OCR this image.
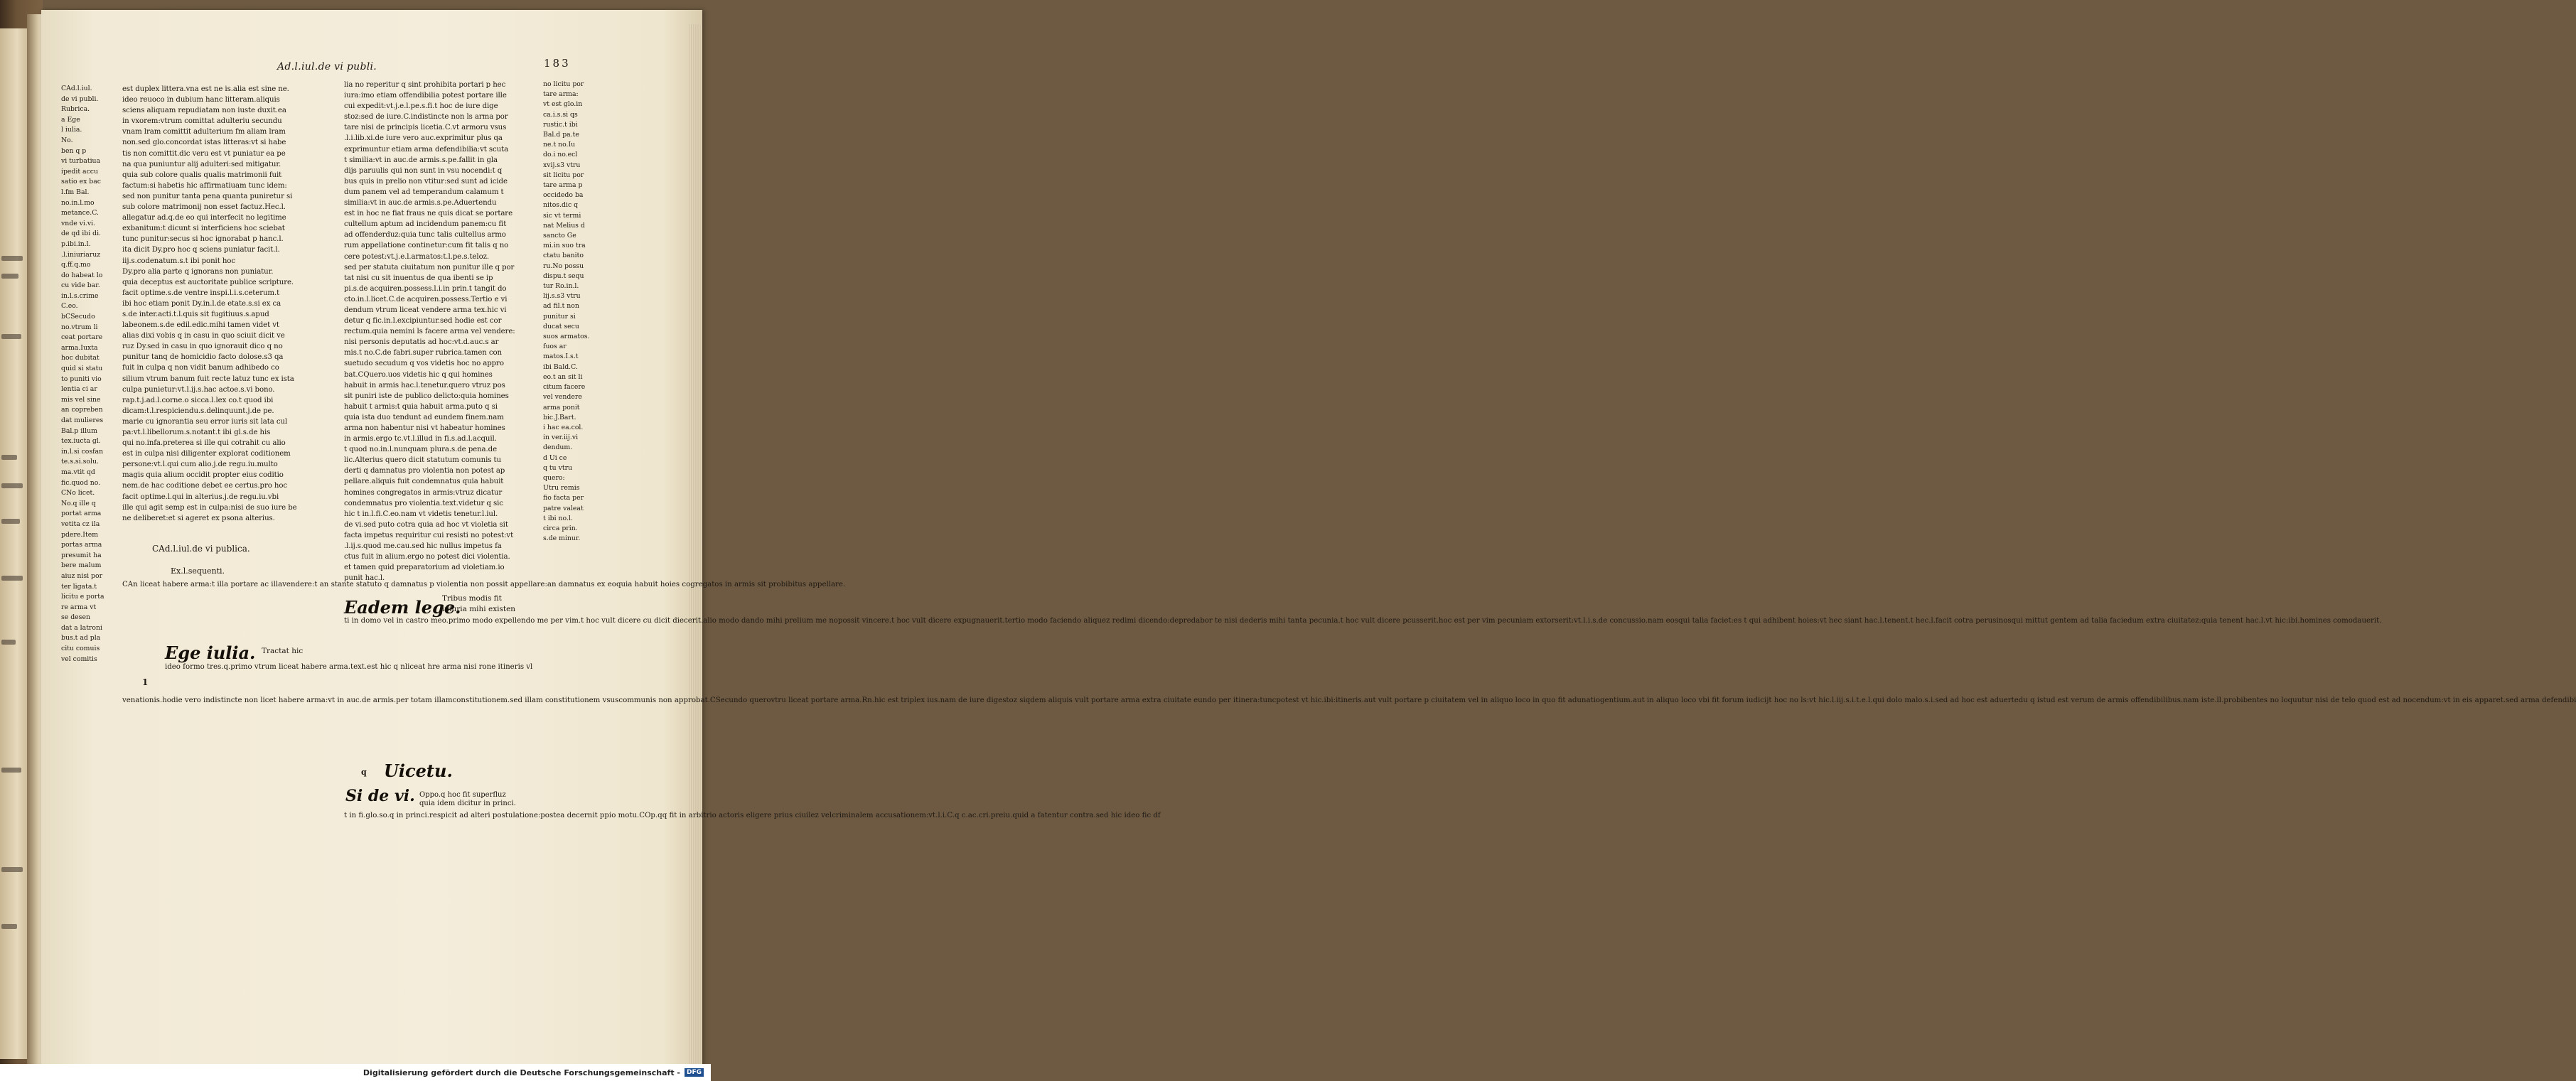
Ad.l.iul.de vi publi.	183
CAd.l.iul.
de vi publi.
Rubrica.
a Ege
l iulia.
No.
ben q p
vi turbatiua
ipedit accu
satio ex bac
l.fm Bal.
no.in.l.mo
metance.C.
vnde vi.vi.
de qd ibi di.
p.ibi.in.l.
.l.iniuriaruz
q.ff.q.mo
do habeat lo
cu vide bar.
in.l.s.crime
C.eo.
bCSecudo
no.vtrum li
ceat portare
arma.Iuxta
hoc dubitat
quid si statu
to puniti vio
lentia ci ar
mis vel sine
an copreben
dat mulieres
Bal.p illum
tex.iucta gl.
in.l.si cosfan
te.s.si.solu.
ma.vtit qd
fic.quod no.
CNo licet.
No.q ille q
portat arma
vetita cz ila
pdere.Item
portas arma
presumit ha
bere malum
aiuz nisi por
ter ligata.t
licitu e porta
re arma vt
se desen
dat a latroni
bus.t ad pla
citu comuis
vel comitis
est duplex littera.vna est ne is.alia est sine ne.
ideo reuoco in dubium hanc litteram.aliquis
sciens aliquam repudiatam non iuste duxit.ea
in vxorem:vtrum comittat adulteriu secundu
vnam lram comittit adulterium fm aliam lram
non.sed glo.concordat istas litteras:vt si habe
tis non comittit.dic veru est vt puniatur ea pe
na qua puniuntur alij adulteri:sed mitigatur.
quia sub colore qualis qualis matrimonii fuit
factum:si habetis hic affirmatiuam tunc idem:
sed non punitur tanta pena quanta puniretur si
sub colore matrimonij non esset factuz.Hec.l.
allegatur ad.q.de eo qui interfecit no legitime
exbanitum:t dicunt si interficiens hoc sciebat
tunc punitur:secus si hoc ignorabat p hanc.l.
ita dicit Dy.pro hoc q sciens puniatur facit.l.
iij.s.codenatum.s.t ibi ponit hoc
Dy.pro alia parte q ignorans non puniatur.
quia deceptus est auctoritate publice scripture.
facit optime.s.de ventre inspi.l.i.s.ceterum.t
ibi hoc etiam ponit Dy.in.l.de etate.s.si ex ca
s.de inter.acti.t.l.quis sit fugitiuus.s.apud
labeonem.s.de edil.edic.mihi tamen videt vt
alias dixi vobis q in casu in quo sciuit dicit ve
ruz Dy.sed in casu in quo ignorauit dico q no
punitur tanq de homicidio facto dolose.s3 qa
fuit in culpa q non vidit banum adhibedo co
silium vtrum banum fuit recte latuz tunc ex ista
culpa punietur:vt.l.ij.s.hac actoe.s.vi bono.
rap.t.j.ad.l.corne.o sicca.l.lex co.t quod ibi
dicam:t.l.respiciendu.s.delinquunt.j.de pe.
marie cu ignorantia seu error iuris sit lata cul
pa:vt.l.libellorum.s.notant.t ibi gl.s.de his
qui no.infa.preterea si ille qui cotrahit cu alio
est in culpa nisi diligenter explorat coditionem
persone:vt.l.qui cum alio.j.de regu.iu.multo
magis quia alium occidit propter eius coditio
nem.de hac coditione debet ee certus.pro hoc
facit optime.l.qui in alterius.j.de regu.iu.vbi
ille qui agit semp est in culpa:nisi de suo iure be
ne deliberet:et si ageret ex psona alterius.
CAd.l.iul.de vi publica.
Ex.l.sequenti.
CAn liceat habere arma:t illa portare ac illavendere:t an stante statuto q damnatus p violentia non possit appellare:an damnatus ex eoquia habuit hoies cogregatos in armis sit probibitus appellare.
Ege iulia. Tractat hic
1
ideo formo tres.q.primo vtrum liceat habere arma.text.est hic q nliceat hre arma nisi rone itineris vl
venationis.hodie vero indistincte non licet habere arma:vt in auc.de armis.per totam illamconstitutionem.sed illam constitutionem vsuscommunis non approbat.CSecundo querovtru liceat portare arma.Rn.hic est triplex ius.nam de iure digestoz siqdem aliquis vult portare arma extra ciuitate eundo per itinera:tuncpotest vt hic.ibi:itineris.aut vult portare p ciuitatem vel in aliquo loco in quo fit adunatiogentium.aut in aliquo loco vbi fit forum iudicijt hoc no ls:vt hic.l.iij.s.i.t.e.l.qui dolo malo.s.i.sed ad hoc est aduertedu q istud est verum de armis offendibilibus.nam iste.ll.probibentes no loquutur nisi de telo quod est ad nocendum:vt in eis apparet.sed arma defendibi
lia no reperitur q sint prohibita portari p hec
iura:imo etiam offendibilia potest portare ille
cui expedit:vt.j.e.l.pe.s.fi.t hoc de iure dige
stoz:sed de iure.C.indistincte non ls arma por
tare nisi de principis licetia.C.vt armoru vsus
.l.i.lib.xi.de iure vero auc.exprimitur plus qa
exprimuntur etiam arma defendibilia:vt scuta
t similia:vt in auc.de armis.s.pe.fallit in gla
dijs paruulis qui non sunt in vsu nocendi:t q
bus quis in prelio non vtitur:sed sunt ad icide
dum panem vel ad temperandum calamum t
similia:vt in auc.de armis.s.pe.Aduertendu
est in hoc ne fiat fraus ne quis dicat se portare
cultellum aptum ad incidendum panem:cu fit
ad offenderduz:quia tunc talis cultellus armo
rum appellatione continetur:cum fit talis q no
cere potest:vt.j.e.l.armatos:t.l.pe.s.teloz.
sed per statuta ciuitatum non punitur ille q por
tat nisi cu sit inuentus de qua ibenti se ip
pi.s.de acquiren.possess.l.i.in prin.t tangit do
cto.in.l.licet.C.de acquiren.possess.Tertio e vi
dendum vtrum liceat vendere arma tex.hic vi
detur q fic.in.l.excipiuntur.sed hodie est cor
rectum.quia nemini ls facere arma vel vendere:
nisi personis deputatis ad hoc:vt.d.auc.s ar
mis.t no.C.de fabri.super rubrica.tamen con
suetudo secudum q vos videtis hoc no appro
bat.CQuero.uos videtis hic q qui homines
habuit in armis hac.l.tenetur.quero vtruz pos
sit puniri iste de publico delicto:quia homines
habuit t armis:t quia habuit arma.puto q si
quia ista duo tendunt ad eundem finem.nam
arma non habentur nisi vt habeatur homines
in armis.ergo tc.vt.l.illud in fi.s.ad.l.acquil.
t quod no.in.l.nunquam plura.s.de pena.de
lic.Alterius quero dicit statutum comunis tu
derti q damnatus pro violentia non potest ap
pellare.aliquis fuit condemnatus quia habuit
homines congregatos in armis:vtruz dicatur
condemnatus pro violentia.text.videtur q sic
hic t in.l.fi.C.eo.nam vt videtis tenetur.l.iul.
de vi.sed puto cotra quia ad hoc vt violetia sit
facta impetus requiritur cui resisti no potest:vt
.l.ij.s.quod me.cau.sed hic nullus impetus fa
ctus fuit in alium.ergo no potest dici violentia.
et tamen quid preparatorium ad violetiam.io
punit hac.l.
Eadem lege.
Tribus modis fit
iniuria mihi existen
ti in domo vel in castro meo.primo modo expellendo me per vim.t hoc vult dicere cu dicit diecerit.alio modo dando mihi prelium me nopossit vincere.t hoc vult dicere expugnauerit.tertio modo faciendo aliquez redimi dicendo:depredabor te nisi dederis mihi tanta pecunia.t hoc vult dicere pcusserit.hoc est per vim pecuniam extorserit:vt.l.i.s.de concussio.nam eosqui talia faciet:es t qui adhibent hoies:vt hec siant hac.l.tenent.t hec.l.facit cotra perusinosqui mittut gentem ad talia faciedum extra ciuitatez:quia tenent hac.l.vt hic:ibi.homines comodauerit.
q Uicetu.
Si de vi. Oppo.q hoc fit superfluz
quia idem dicitur in princi.
t in fi.glo.so.q in princi.respicit ad alteri postulatione:postea decernit ppio motu.COp.qq fit in arbitrio actoris eligere prius ciuilez velcriminalem accusationem:vt.l.i.C.q c.ac.cri.preiu.quid a fatentur contra.sed hic ideo fic df
no licitu por
tare arma:
vt est glo.in
ca.i.s.si qs
rustic.t ibi
Bal.d pa.te
ne.t no.Iu
do.i no.ecl
xvij.s3 vtru
sit licitu por
tare arma p
occidedo ba
nitos.dic q
sic vt termi
nat Melius d
sancto Ge
mi.in suo tra
ctatu banito
ru.No possu
dispu.t sequ
tur Ro.in.l.
lij.s.s3 vtru
ad fil.t non
punitur si
ducat secu
suos armatos.
fuos ar
matos.I.s.t
ibi Bald.C.
eo.t an sit li
citum facere
vel vendere
arma ponit
bic.J.Bart.
i hac ea.col.
in ver.iij.vi
dendum.
d Ui ce
q tu vtru
quero:
Utru remis
fio facta per
patre valeat
t ibi no.l.
circa prin.
s.de minur.
Digitalisierung gefördert durch die Deutsche Forschungsgemeinschaft -	DFG
